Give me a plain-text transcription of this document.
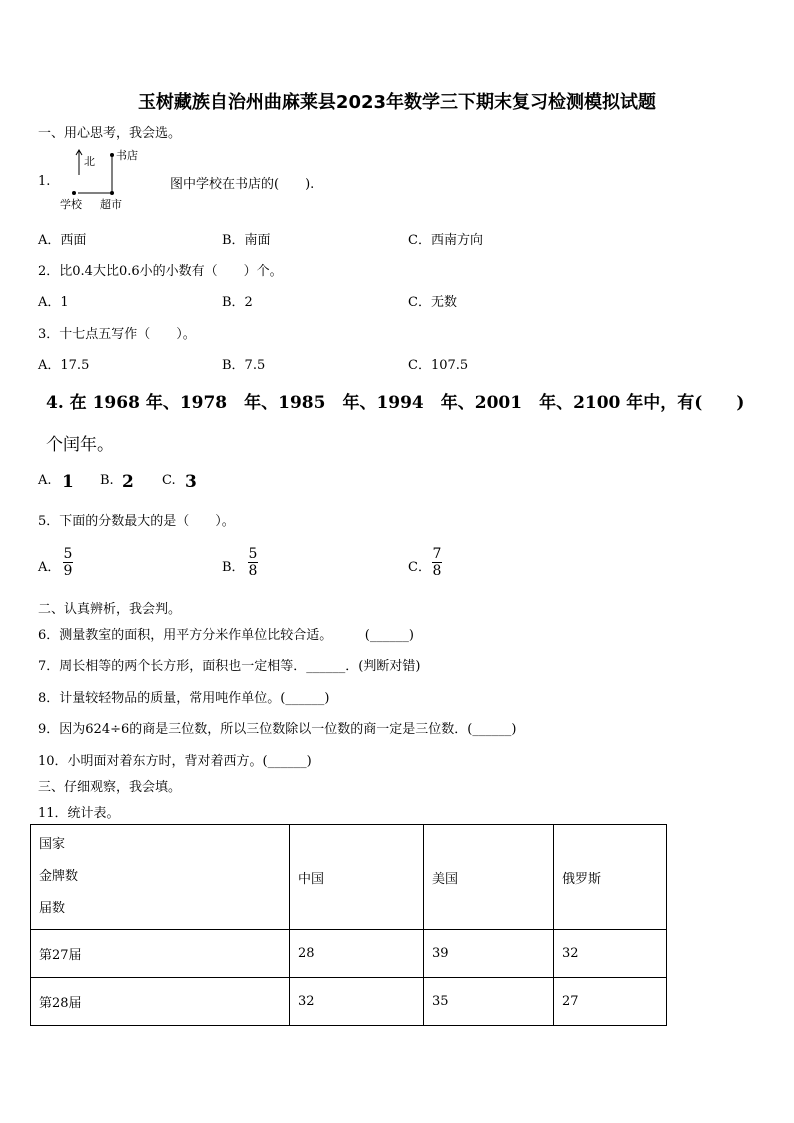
玉树藏族自治州曲麻莱县2023年数学三下期末复习检测模拟试题
一、用心思考，我会选。
1.
北 书店
学校 超市
图中学校在书店的(　　).
A．西面	B．南面	C．西南方向
2．比0.4大比0.6小的小数有（　　）个。
A．1	B．2	C．无数
3．十七点五写作（　　）。
A．17.5	B．7.5	C．107.5
4. 在 1968 年、1978　年、1985　年、1994　年、2001　年、2100 年中，有(　　)
个闰年。
A. 1 B. 2 C. 3
5．下面的分数最大的是（　　）。
A．
5
9	B．
5
8	C．
7
8
二、认真辨析，我会判。
6．测量教室的面积，用平方分米作单位比较合适。　　　(______)
7．周长相等的两个长方形，面积也一定相等．______．(判断对错)
8．计量较轻物品的质量，常用吨作单位。(______)
9．因为624÷6的商是三位数，所以三位数除以一位数的商一定是三位数．(______)
10．小明面对着东方时，背对着西方。(______)
三、仔细观察，我会填。
11．统计表。
国家
金牌数
届数	中国	美国	俄罗斯
第27届	28	39	32
第28届	32	35	27
